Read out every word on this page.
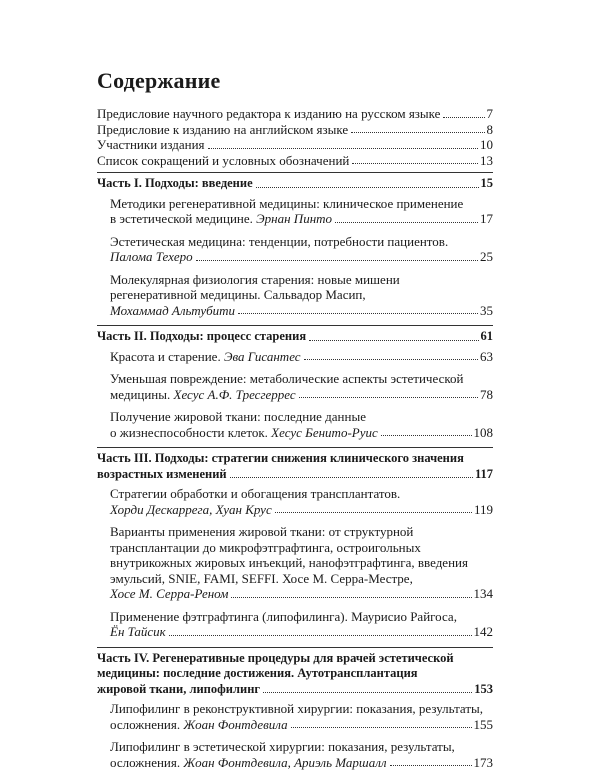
Содержание
Предисловие научного редактора к изданию на русском языке	7
Предисловие к изданию на английском языке	8
Участники издания	10
Список сокращений и условных обозначений	13
Часть I. Подходы: введение	15
Методики регенеративной медицины: клиническое применение
в эстетической медицине. Эрнан Пинто	17
Эстетическая медицина: тенденции, потребности пациентов.
Палома Техеро	25
Молекулярная физиология старения: новые мишени
регенеративной медицины. Сальвадор Масип,
Мохаммад Альтубити	35
Часть II. Подходы: процесс старения	61
Красота и старение. Эва Гисантес	63
Уменьшая повреждение: метаболические аспекты эстетической
медицины. Хесус А.Ф. Тресгеррес	78
Получение жировой ткани: последние данные
о жизнеспособности клеток. Хесус Бенито-Руис	108
Часть III. Подходы: стратегии снижения клинического значения
возрастных изменений	117
Стратегии обработки и обогащения трансплантатов.
Хорди Дескаррега, Хуан Крус	119
Варианты применения жировой ткани: от структурной
трансплантации до микрофэтграфтинга, остроигольных
внутрикожных жировых инъекций, нанофэтграфтинга, введения
эмульсий, SNIE, FAMI, SEFFI. Хосе М. Серра-Местре,
Хосе М. Серра-Реном	134
Применение фэтграфтинга (липофилинга). Маурисио Райгоса,
Ён Тайсик	142
Часть IV. Регенеративные процедуры для врачей эстетической
медицины: последние достижения. Аутотрансплантация
жировой ткани, липофилинг	153
Липофилинг в реконструктивной хирургии: показания, результаты,
осложнения. Жоан Фонтдевила	155
Липофилинг в эстетической хирургии: показания, результаты,
осложнения. Жоан Фонтдевила, Ариэль Маршалл	173
